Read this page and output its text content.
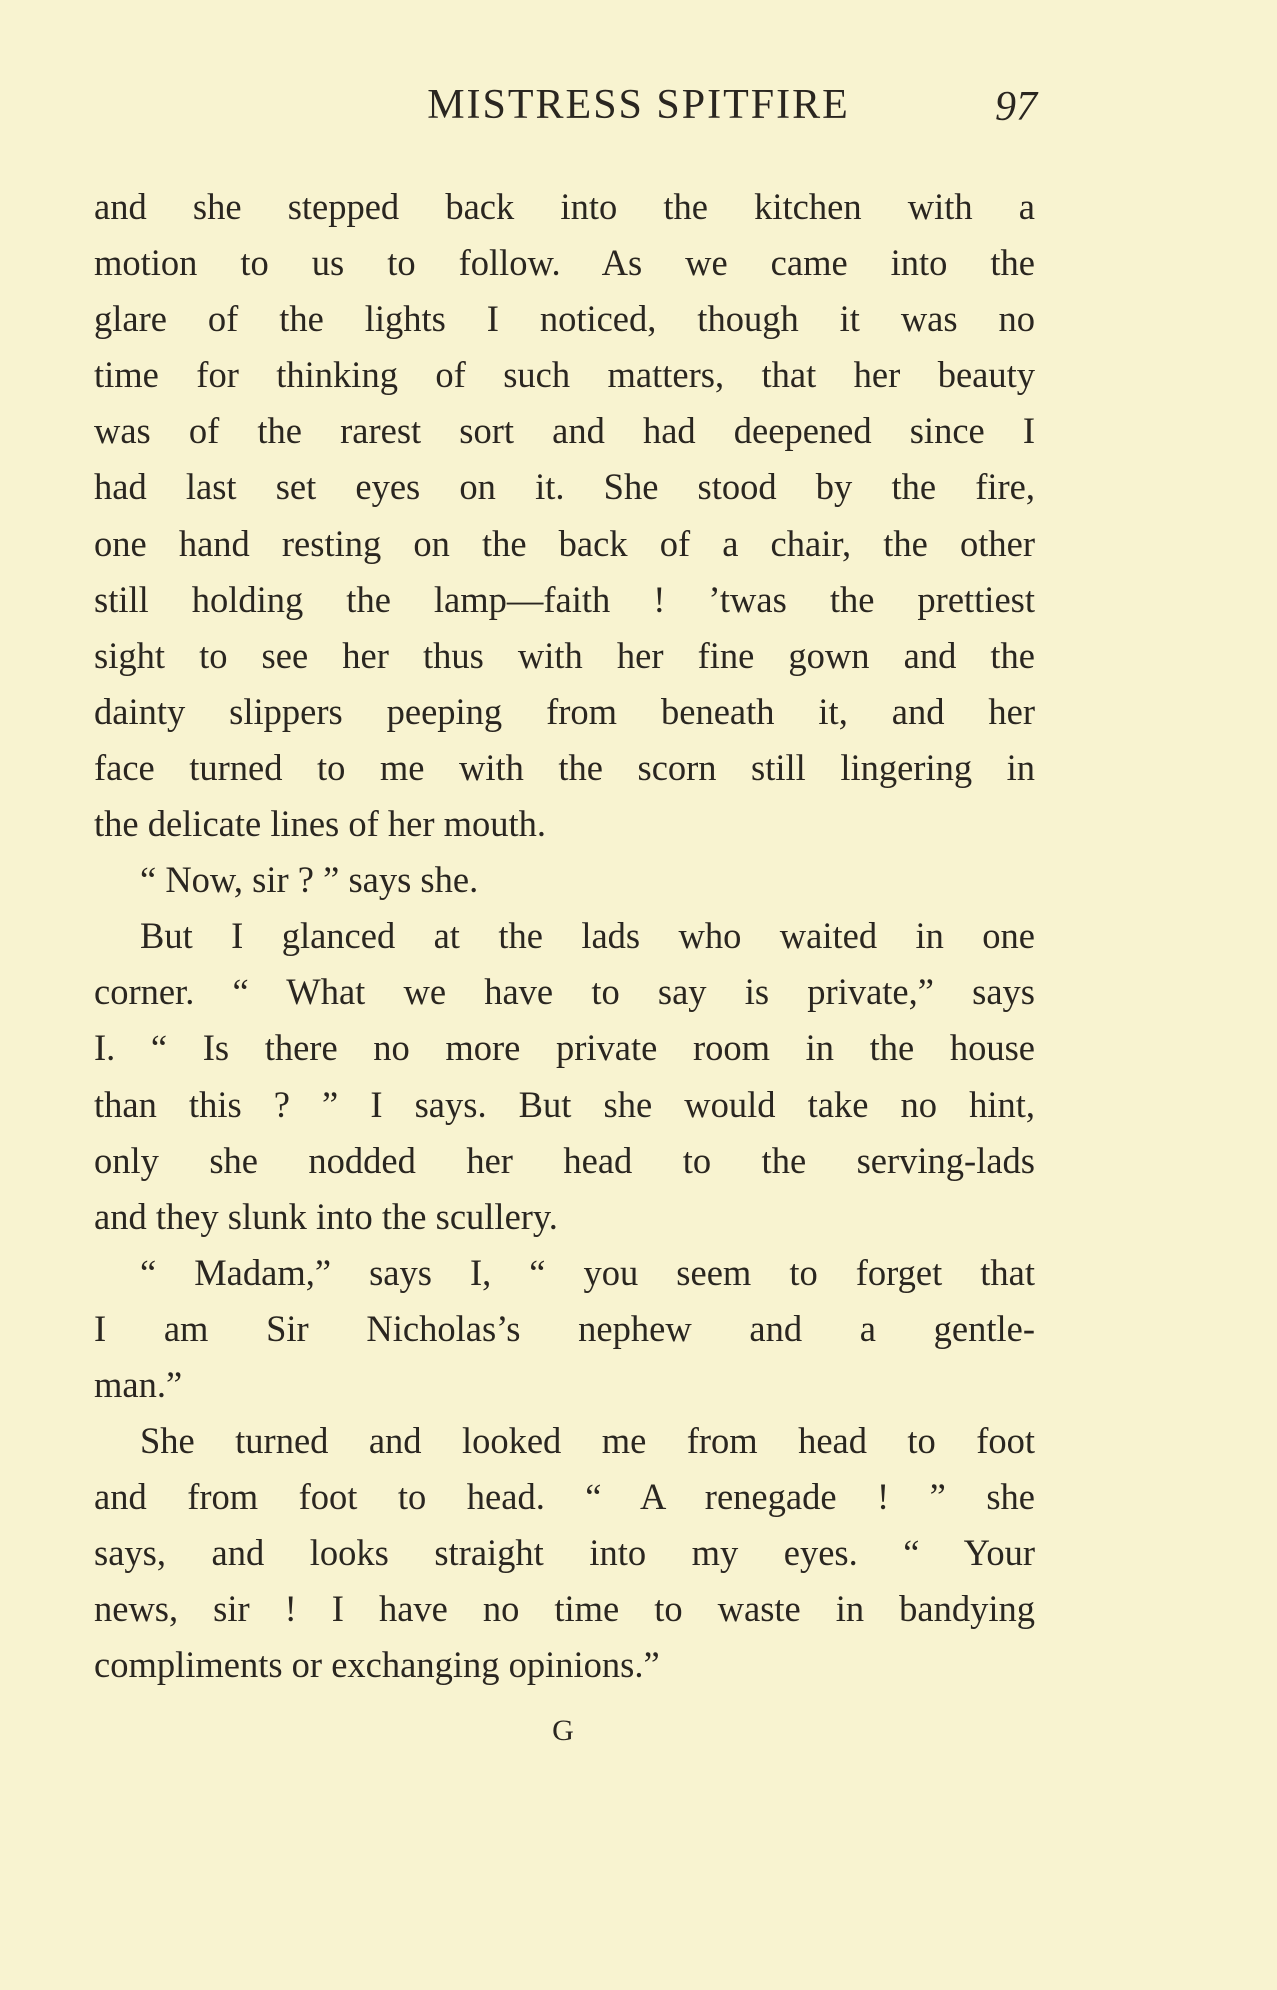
MISTRESS SPITFIRE	97
and she stepped back into the kitchen with a
motion to us to follow. As we came into the
glare of the lights I noticed, though it was no
time for thinking of such matters, that her beauty
was of the rarest sort and had deepened since I
had last set eyes on it. She stood by the fire,
one hand resting on the back of a chair, the other
still holding the lamp—faith ! ’twas the prettiest
sight to see her thus with her fine gown and the
dainty slippers peeping from beneath it, and her
face turned to me with the scorn still lingering in
the delicate lines of her mouth.
“ Now, sir ? ” says she.
But I glanced at the lads who waited in one
corner. “ What we have to say is private,” says
I. “ Is there no more private room in the house
than this ? ” I says. But she would take no hint,
only she nodded her head to the serving-lads
and they slunk into the scullery.
“ Madam,” says I, “ you seem to forget that
I am Sir Nicholas’s nephew and a gentle-
man.”
She turned and looked me from head to foot
and from foot to head. “ A renegade ! ” she
says, and looks straight into my eyes. “ Your
news, sir ! I have no time to waste in bandying
compliments or exchanging opinions.”
G
